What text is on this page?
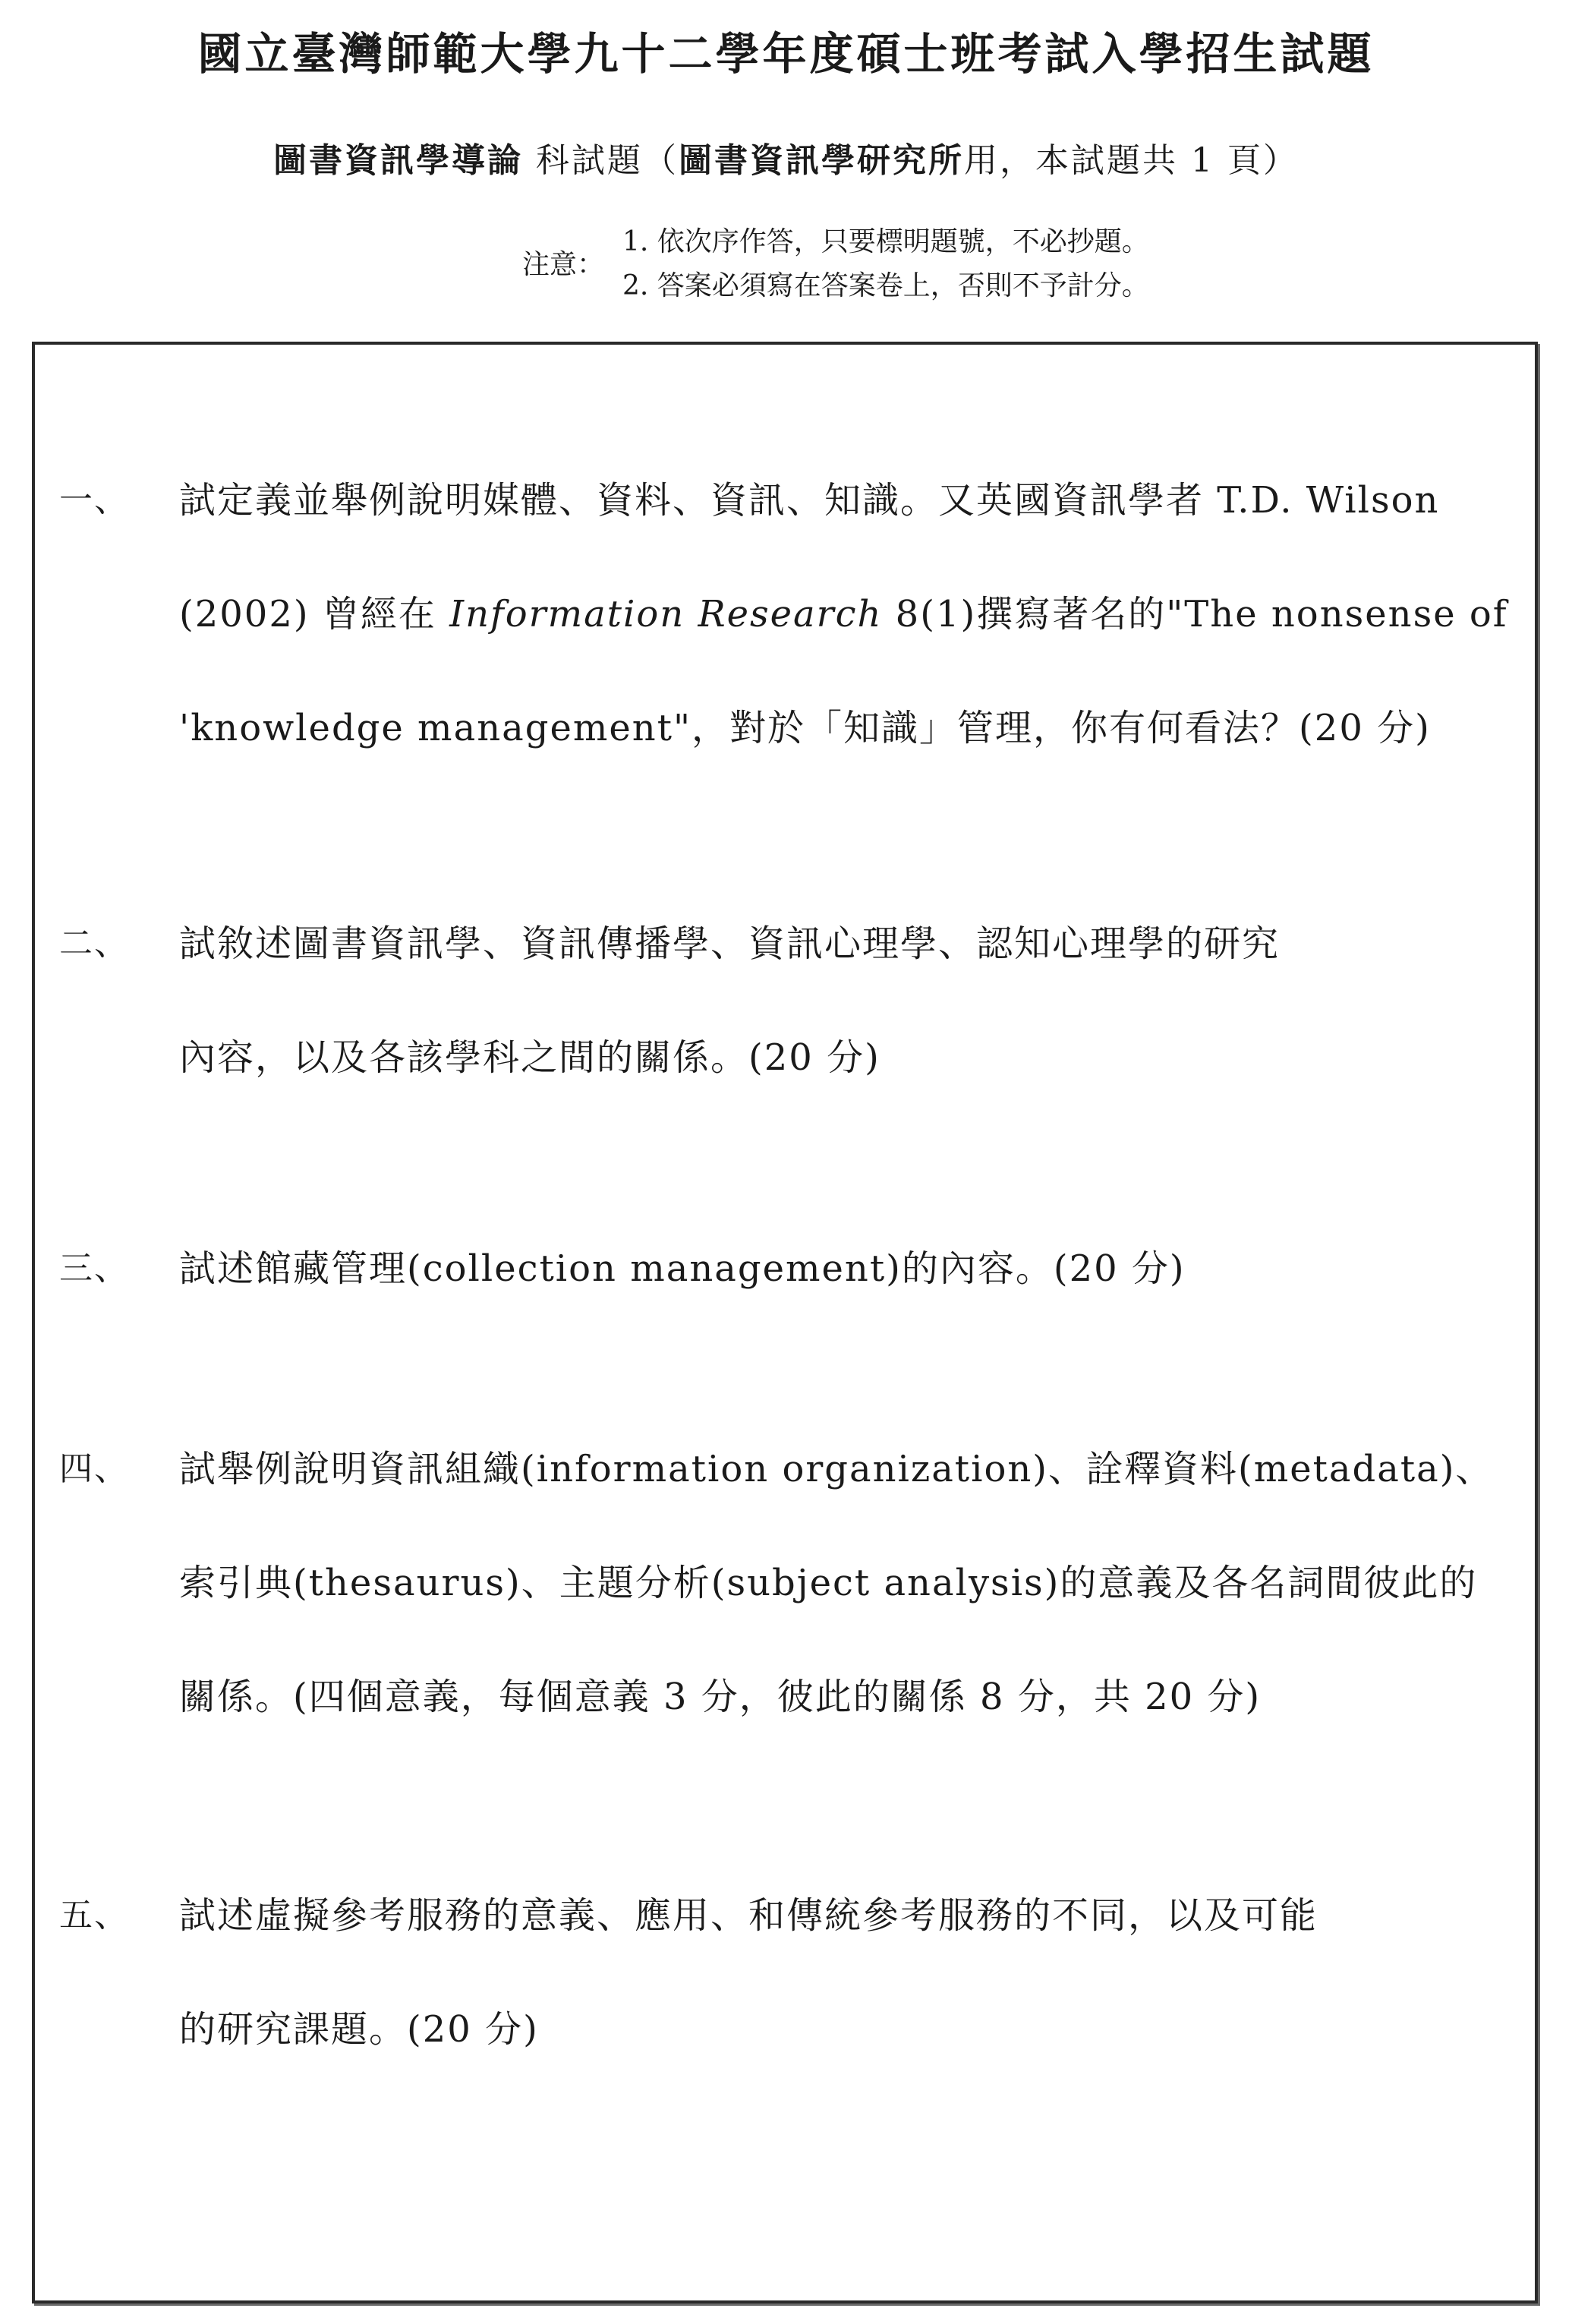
國立臺灣師範大學九十二學年度碩士班考試入學招生試題

圖書資訊學導論 科試題（圖書資訊學研究所用，本試題共 1 頁）

注意：
1. 依次序作答，只要標明題號，不必抄題。
2. 答案必須寫在答案卷上，否則不予計分。
一、 試定義並舉例說明媒體、資料、資訊、知識。又英國資訊學者 T.D. Wilson
(2002) 曾經在 Information Research 8(1)撰寫著名的"The nonsense of
'knowledge management"，對於「知識」管理，你有何看法？(20 分)
二、 試敘述圖書資訊學、資訊傳播學、資訊心理學、認知心理學的研究
內容，以及各該學科之間的關係。(20 分)
三、 試述館藏管理(collection management)的內容。(20 分)
四、 試舉例說明資訊組織(information organization)、詮釋資料(metadata)、
索引典(thesaurus)、主題分析(subject analysis)的意義及各名詞間彼此的
關係。(四個意義，每個意義 3 分，彼此的關係 8 分，共 20 分)
五、 試述虛擬參考服務的意義、應用、和傳統參考服務的不同，以及可能
的研究課題。(20 分)
